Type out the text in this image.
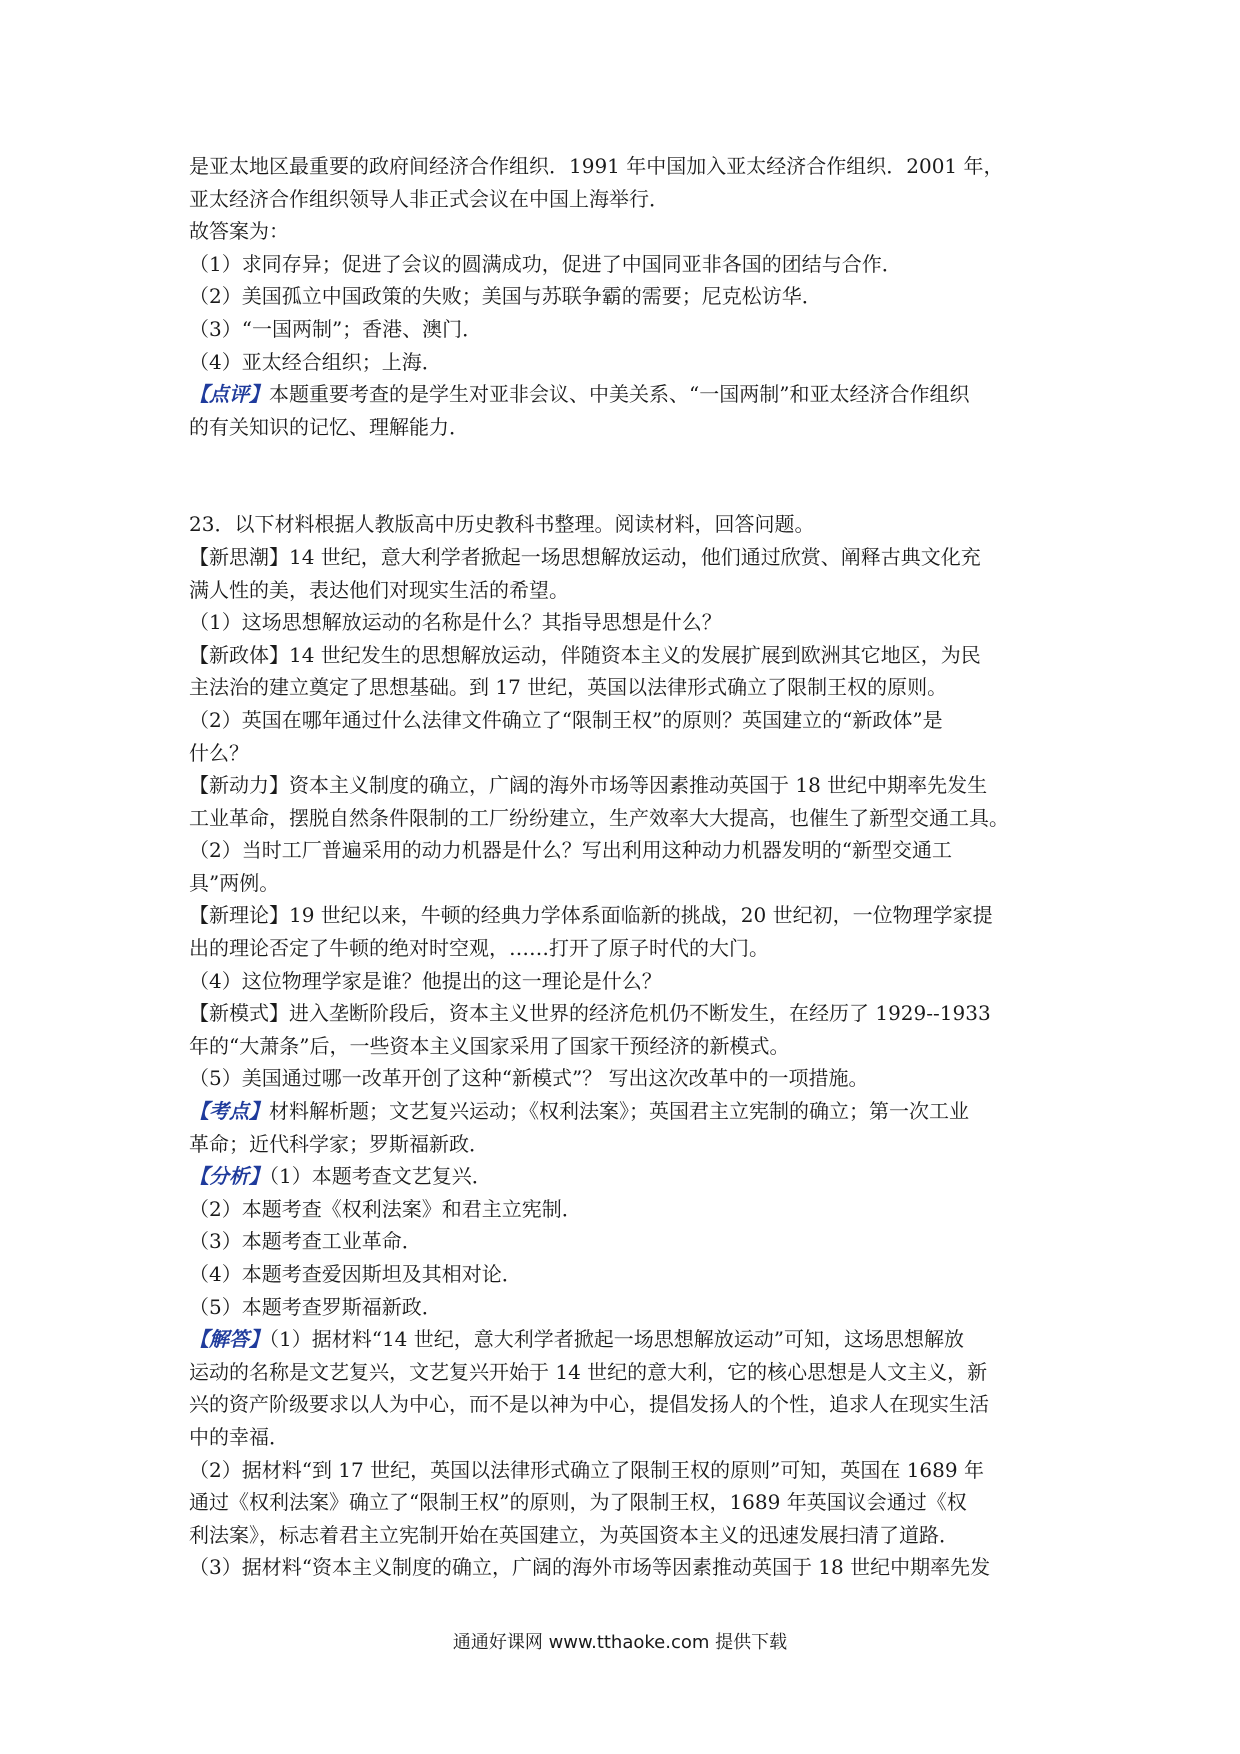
是亚太地区最重要的政府间经济合作组织．1991 年中国加入亚太经济合作组织．2001 年，
亚太经济合作组织领导人非正式会议在中国上海举行．
故答案为：
（1）求同存异；促进了会议的圆满成功，促进了中国同亚非各国的团结与合作．
（2）美国孤立中国政策的失败；美国与苏联争霸的需要；尼克松访华．
（3）“一国两制”；香港、澳门．
（4）亚太经合组织；上海．
【点评】本题重要考查的是学生对亚非会议、中美关系、“一国两制”和亚太经济合作组织
的有关知识的记忆、理解能力．
23．以下材料根据人教版高中历史教科书整理。阅读材料，回答问题。
【新思潮】14 世纪，意大利学者掀起一场思想解放运动，他们通过欣赏、阐释古典文化充
满人性的美，表达他们对现实生活的希望。
（1）这场思想解放运动的名称是什么？其指导思想是什么？
【新政体】14 世纪发生的思想解放运动，伴随资本主义的发展扩展到欧洲其它地区，为民
主法治的建立奠定了思想基础。到 17 世纪，英国以法律形式确立了限制王权的原则。
（2）英国在哪年通过什么法律文件确立了“限制王权”的原则？英国建立的“新政体”是
什么？
【新动力】资本主义制度的确立，广阔的海外市场等因素推动英国于 18 世纪中期率先发生
工业革命，摆脱自然条件限制的工厂纷纷建立，生产效率大大提高，也催生了新型交通工具。
（2）当时工厂普遍采用的动力机器是什么？写出利用这种动力机器发明的“新型交通工
具”两例。
【新理论】19 世纪以来，牛顿的经典力学体系面临新的挑战，20 世纪初，一位物理学家提
出的理论否定了牛顿的绝对时空观，……打开了原子时代的大门。
（4）这位物理学家是谁？他提出的这一理论是什么？
【新模式】进入垄断阶段后，资本主义世界的经济危机仍不断发生，在经历了 1929--1933
年的“大萧条”后，一些资本主义国家采用了国家干预经济的新模式。
（5）美国通过哪一改革开创了这种“新模式”？ 写出这次改革中的一项措施。
【考点】材料解析题；文艺复兴运动；《权利法案》；英国君主立宪制的确立；第一次工业
革命；近代科学家；罗斯福新政．
【分析】（1）本题考查文艺复兴．
（2）本题考查《权利法案》和君主立宪制．
（3）本题考查工业革命．
（4）本题考查爱因斯坦及其相对论．
（5）本题考查罗斯福新政．
【解答】（1）据材料“14 世纪，意大利学者掀起一场思想解放运动”可知，这场思想解放
运动的名称是文艺复兴，文艺复兴开始于 14 世纪的意大利，它的核心思想是人文主义，新
兴的资产阶级要求以人为中心，而不是以神为中心，提倡发扬人的个性，追求人在现实生活
中的幸福．
（2）据材料“到 17 世纪，英国以法律形式确立了限制王权的原则”可知，英国在 1689 年
通过《权利法案》确立了“限制王权”的原则，为了限制王权，1689 年英国议会通过《权
利法案》，标志着君主立宪制开始在英国建立，为英国资本主义的迅速发展扫清了道路．
（3）据材料“资本主义制度的确立，广阔的海外市场等因素推动英国于 18 世纪中期率先发
通通好课网 www.tthaoke.com 提供下载
